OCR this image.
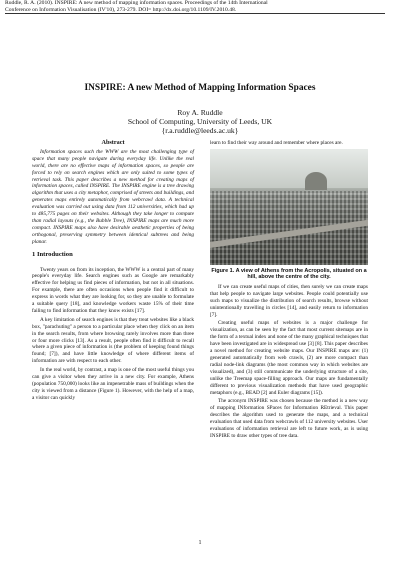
Ruddle, R. A. (2010). INSPIRE: A new method of mapping information spaces. Proceedings of the 14th International
Conference on Information Visualisation (IV'10), 273-279. DOI= http://dx.doi.org/10.1109/IV.2010.48.
INSPIRE: A new Method of Mapping Information Spaces
Roy A. Ruddle
School of Computing, University of Leeds, UK
{r.a.ruddle@leeds.ac.uk}
Abstract

Information spaces such the WWW are the most challenging type of space that many people navigate during everyday life. Unlike the real world, there are no effective maps of information spaces, so people are forced to rely on search engines which are only suited to some types of retrieval task. This paper describes a new method for creating maps of information spaces, called INSPIRE. The INSPIRE engine is a tree drawing algorithm that uses a city metaphor, comprised of streets and buildings, and generates maps entirely automatically from webcrawl data. A technical evaluation was carried out using data from 112 universities, which had up to 485,775 pages on their websites. Although they take longer to compute than radial layouts (e.g., the Bubble Tree), INSPIRE maps are much more compact. INSPIRE maps also have desirable aesthetic properties of being orthogonal, preserving symmetry between identical subtrees and being planar.

1 Introduction

Twenty years on from its inception, the WWW is a central part of many people's everyday life. Search engines such as Google are remarkably effective for helping us find pieces of information, but not in all situations. For example, there are often occasions when people find it difficult to express in words what they are looking for, so they are unable to formulate a suitable query [18], and knowledge workers waste 15% of their time failing to find information that they know exists [17].

A key limitation of search engines is that they treat websites like a black box, "parachuting" a person to a particular place when they click on an item in the search results, from where browsing rarely involves more than three or four more clicks [13]. As a result, people often find it difficult to recall where a given piece of information is (the problem of keeping found things found; [7]), and have little knowledge of where different items of information are with respect to each other.

In the real world, by contrast, a map is one of the most useful things you can give a visitor when they arrive in a new city. For example, Athens (population 750,000) looks like an impenetrable mass of buildings when the city is viewed from a distance (Figure 1). However, with the help of a map, a visitor can quickly

learn to find their way around and remember where places are.

Figure 1. A view of Athens from the Acropolis, situated on a hill, above the centre of the city.

If we can create useful maps of cities, then surely we can create maps that help people to navigate large websites. People could potentially use such maps to visualize the distribution of search results, browse without unintentionally travelling in circles [14], and easily return to information [7].

Creating useful maps of websites is a major challenge for visualization, as can be seen by the fact that most current sitemaps are in the form of a textual index and none of the many graphical techniques that have been investigated are in widespread use [3] [8]. This paper describes a novel method for creating website maps. Our INSPIRE maps are: (1) generated automatically from web crawls, (2) are more compact than radial node-link diagrams (the most common way in which websites are visualized), and (3) still communicate the underlying structure of a site, unlike the Treemap space-filling approach. Our maps are fundamentally different to previous visualization methods that have used geographic metaphors (e.g., BEAD [2] and Euler diagrams [15]).

The acronym INSPIRE was chosen because the method is a new way of mapping INformation SPaces for Information REtrieval. This paper describes the algorithm used to generate the maps, and a technical evaluation that used data from webcrawls of 112 university websites. User evaluations of information retrieval are left to future work, as is using INSPIRE to draw other types of tree data.

1
